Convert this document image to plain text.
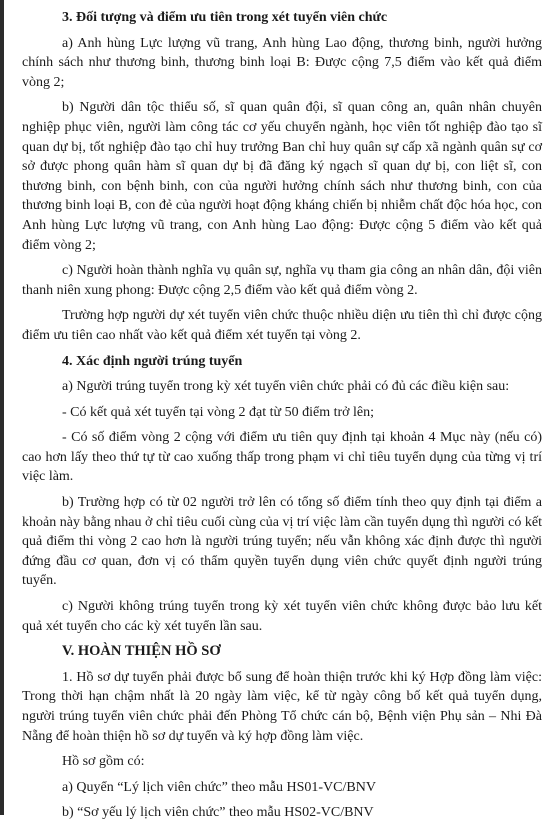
3. Đối tượng và điểm ưu tiên trong xét tuyển viên chức

a) Anh hùng Lực lượng vũ trang, Anh hùng Lao động, thương binh, người hưởng chính sách như thương binh, thương binh loại B: Được cộng 7,5 điểm vào kết quả điểm vòng 2;

b) Người dân tộc thiểu số, sĩ quan quân đội, sĩ quan công an, quân nhân chuyên nghiệp phục viên, người làm công tác cơ yếu chuyển ngành, học viên tốt nghiệp đào tạo sĩ quan dự bị, tốt nghiệp đào tạo chỉ huy trưởng Ban chỉ huy quân sự cấp xã ngành quân sự cơ sở được phong quân hàm sĩ quan dự bị đã đăng ký ngạch sĩ quan dự bị, con liệt sĩ, con thương binh, con bệnh binh, con của người hưởng chính sách như thương binh, con của thương binh loại B, con đẻ của người hoạt động kháng chiến bị nhiễm chất độc hóa học, con Anh hùng Lực lượng vũ trang, con Anh hùng Lao động: Được cộng 5 điểm vào kết quả điểm vòng 2;

c) Người hoàn thành nghĩa vụ quân sự, nghĩa vụ tham gia công an nhân dân, đội viên thanh niên xung phong: Được cộng 2,5 điểm vào kết quả điểm vòng 2.

Trường hợp người dự xét tuyển viên chức thuộc nhiều diện ưu tiên thì chỉ được cộng điểm ưu tiên cao nhất vào kết quả điểm xét tuyển tại vòng 2.

4. Xác định người trúng tuyển

a) Người trúng tuyển trong kỳ xét tuyển viên chức phải có đủ các điều kiện sau:

- Có kết quả xét tuyển tại vòng 2 đạt từ 50 điểm trở lên;

- Có số điểm vòng 2 cộng với điểm ưu tiên quy định tại khoản 4 Mục này (nếu có) cao hơn lấy theo thứ tự từ cao xuống thấp trong phạm vi chỉ tiêu tuyển dụng của từng vị trí việc làm.

b) Trường hợp có từ 02 người trở lên có tổng số điểm tính theo quy định tại điểm a khoản này bằng nhau ở chỉ tiêu cuối cùng của vị trí việc làm cần tuyển dụng thì người có kết quả điểm thi vòng 2 cao hơn là người trúng tuyển; nếu vẫn không xác định được thì người đứng đầu cơ quan, đơn vị có thẩm quyền tuyển dụng viên chức quyết định người trúng tuyển.

c) Người không trúng tuyển trong kỳ xét tuyển viên chức không được bảo lưu kết quả xét tuyển cho các kỳ xét tuyển lần sau.

V. HOÀN THIỆN HỒ SƠ

1. Hồ sơ dự tuyển phải được bổ sung để hoàn thiện trước khi ký Hợp đồng làm việc: Trong thời hạn chậm nhất là 20 ngày làm việc, kể từ ngày công bố kết quả tuyển dụng, người trúng tuyển viên chức phải đến Phòng Tổ chức cán bộ, Bệnh viện Phụ sản – Nhi Đà Nẵng để hoàn thiện hồ sơ dự tuyển và ký hợp đồng làm việc.

Hồ sơ gồm có:

a) Quyển “Lý lịch viên chức” theo mẫu HS01-VC/BNV

b) “Sơ yếu lý lịch viên chức” theo mẫu HS02-VC/BNV
